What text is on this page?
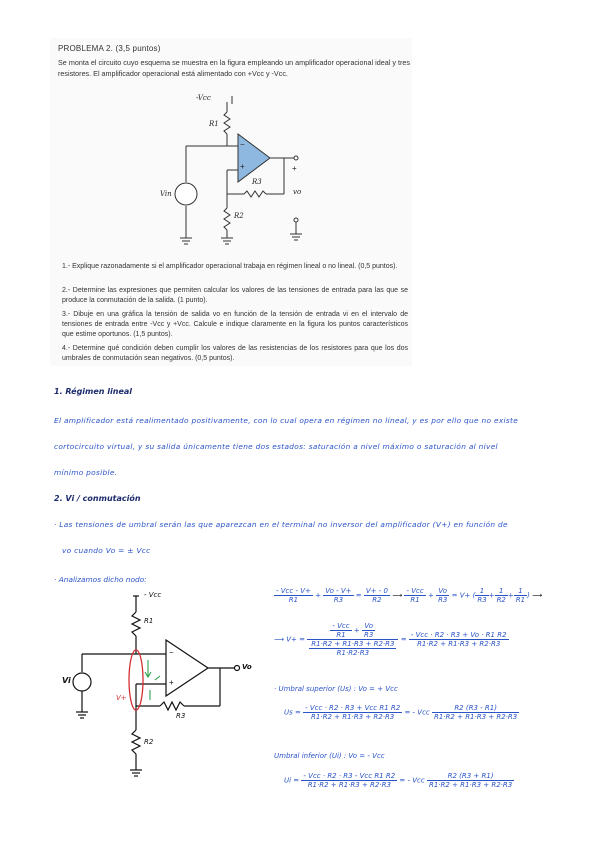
PROBLEMA 2. (3,5 puntos)
Se monta el circuito cuyo esquema se muestra en la figura empleando un amplificador operacional ideal y tres resistores. El amplificador operacional está alimentado con +Vcc y -Vcc.
-Vcc
R1
R3
R2
Vin	vo
+
−
+
1.- Explique razonadamente si el amplificador operacional trabaja en régimen lineal o no lineal. (0,5 puntos).
2.- Determine las expresiones que permiten calcular los valores de las tensiones de entrada para las que se produce la conmutación de la salida. (1 punto).
3.- Dibuje en una gráfica la tensión de salida vo en función de la tensión de entrada vi en el intervalo de tensiones de entrada entre -Vcc y +Vcc. Calcule e indique claramente en la figura los puntos característicos que estime oportunos. (1,5 puntos).
4.- Determine qué condición deben cumplir los valores de las resistencias de los resistores para que los dos umbrales de conmutación sean negativos. (0,5 puntos).
1. Régimen lineal
El amplificador está realimentado positivamente, con lo cual opera en régimen no lineal, y es por ello que no existe
cortocircuito virtual, y su salida únicamente tiene dos estados: saturación a nivel máximo o saturación al nivel
mínimo posible.
2. Vi / conmutación
· Las tensiones de umbral serán las que aparezcan en el terminal no inversor del amplificador (V+) en función de
vo cuando Vo = ± Vcc
· Analizamos dicho nodo:
- Vcc
R1
R3
R2
Vi
Vo
V+
−
+
$\frac{\text{- Vcc - V+}}{R1} + \frac{Vo - V+}{R3} = \frac{V+ - 0}{R2}$ ⟶ $\frac{\text{- Vcc}}{R1} + \frac{Vo}{R3} = V+$ ( $\frac{1}{R3} + \frac{1}{R2} + \frac{1}{R1}$ ) ⟶
⟶ $V+ = \frac{\frac{\text{- Vcc}}{R1} + \frac{Vo}{R3}}{\frac{R1\cdot R2 + R1\cdot R3 + R2\cdot R3}{R1\cdot R2\cdot R3}} = \frac{\text{- Vcc · R2 · R3 + Vo · R1 R2}}{R1\cdot R2 + R1\cdot R3 + R2\cdot R3}$
· Umbral superior (Us) : Vo = + Vcc
$Us = \frac{\text{- Vcc · R2 · R3 + Vcc R1 R2}}{R1\cdot R2 + R1\cdot R3 + R2\cdot R3}$ = - Vcc $\frac{R2 (R3 - R1)}{R1\cdot R2 + R1\cdot R3 + R2\cdot R3}$
Umbral inferior (Ui) : Vo = - Vcc
$Ui = \frac{\text{- Vcc · R2 · R3 - Vcc R1 R2}}{R1\cdot R2 + R1\cdot R3 + R2\cdot R3}$ = - Vcc $\frac{R2 (R3 + R1)}{R1\cdot R2 + R1\cdot R3 + R2\cdot R3}$
